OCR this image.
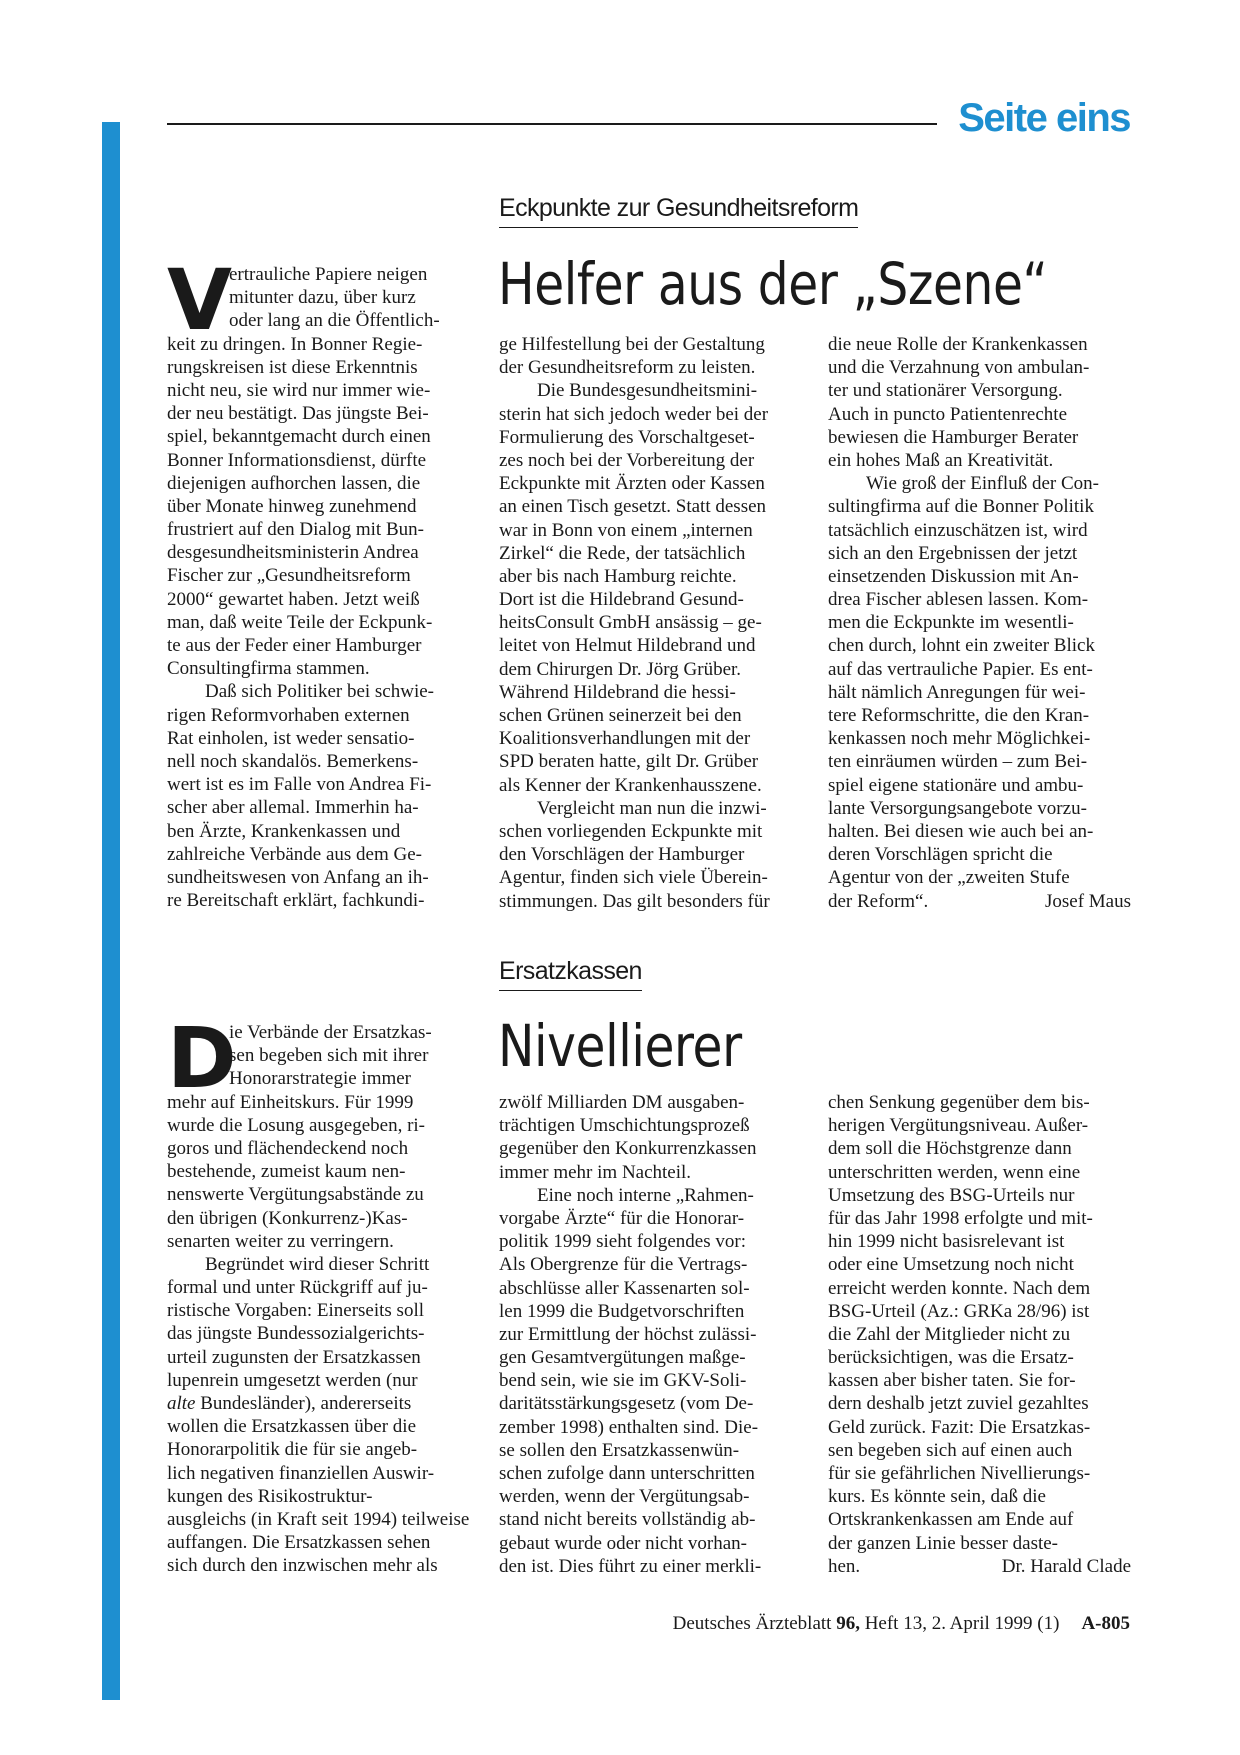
Seite eins

Eckpunkte zur Gesundheitsreform

Helfer aus der „Szene“

V

ertrauliche Papiere neigen
mitunter dazu, über kurz
oder lang an die Öffentlich-
keit zu dringen. In Bonner Regie-
rungskreisen ist diese Erkenntnis
nicht neu, sie wird nur immer wie-
der neu bestätigt. Das jüngste Bei-
spiel, bekanntgemacht durch einen
Bonner Informationsdienst, dürfte
diejenigen aufhorchen lassen, die
über Monate hinweg zunehmend
frustriert auf den Dialog mit Bun-
desgesundheitsministerin Andrea
Fischer zur „Gesundheitsreform
2000“ gewartet haben. Jetzt weiß
man, daß weite Teile der Eckpunk-
te aus der Feder einer Hamburger
Consultingfirma stammen.
Daß sich Politiker bei schwie-
rigen Reformvorhaben externen
Rat einholen, ist weder sensatio-
nell noch skandalös. Bemerkens-
wert ist es im Falle von Andrea Fi-
scher aber allemal. Immerhin ha-
ben Ärzte, Krankenkassen und
zahlreiche Verbände aus dem Ge-
sundheitswesen von Anfang an ih-
re Bereitschaft erklärt, fachkundi-
ge Hilfestellung bei der Gestaltung
der Gesundheitsreform zu leisten.
Die Bundesgesundheitsmini-
sterin hat sich jedoch weder bei der
Formulierung des Vorschaltgeset-
zes noch bei der Vorbereitung der
Eckpunkte mit Ärzten oder Kassen
an einen Tisch gesetzt. Statt dessen
war in Bonn von einem „internen
Zirkel“ die Rede, der tatsächlich
aber bis nach Hamburg reichte.
Dort ist die Hildebrand Gesund-
heitsConsult GmbH ansässig – ge-
leitet von Helmut Hildebrand und
dem Chirurgen Dr. Jörg Grüber.
Während Hildebrand die hessi-
schen Grünen seinerzeit bei den
Koalitionsverhandlungen mit der
SPD beraten hatte, gilt Dr. Grüber
als Kenner der Krankenhausszene.
Vergleicht man nun die inzwi-
schen vorliegenden Eckpunkte mit
den Vorschlägen der Hamburger
Agentur, finden sich viele Überein-
stimmungen. Das gilt besonders für
die neue Rolle der Krankenkassen
und die Verzahnung von ambulan-
ter und stationärer Versorgung.
Auch in puncto Patientenrechte
bewiesen die Hamburger Berater
ein hohes Maß an Kreativität.
Wie groß der Einfluß der Con-
sultingfirma auf die Bonner Politik
tatsächlich einzuschätzen ist, wird
sich an den Ergebnissen der jetzt
einsetzenden Diskussion mit An-
drea Fischer ablesen lassen. Kom-
men die Eckpunkte im wesentli-
chen durch, lohnt ein zweiter Blick
auf das vertrauliche Papier. Es ent-
hält nämlich Anregungen für wei-
tere Reformschritte, die den Kran-
kenkassen noch mehr Möglichkei-
ten einräumen würden – zum Bei-
spiel eigene stationäre und ambu-
lante Versorgungsangebote vorzu-
halten. Bei diesen wie auch bei an-
deren Vorschlägen spricht die
Agentur von der „zweiten Stufe
der Reform“.	Josef Maus

Ersatzkassen

Nivellierer

D

ie Verbände der Ersatzkas-
sen begeben sich mit ihrer
Honorarstrategie immer
mehr auf Einheitskurs. Für 1999
wurde die Losung ausgegeben, ri-
goros und flächendeckend noch
bestehende, zumeist kaum nen-
nenswerte Vergütungsabstände zu
den übrigen (Konkurrenz-)Kas-
senarten weiter zu verringern.
Begründet wird dieser Schritt
formal und unter Rückgriff auf ju-
ristische Vorgaben: Einerseits soll
das jüngste Bundessozialgerichts-
urteil zugunsten der Ersatzkassen
lupenrein umgesetzt werden (nur
alte Bundesländer), andererseits
wollen die Ersatzkassen über die
Honorarpolitik die für sie angeb-
lich negativen finanziellen Auswir-
kungen des Risikostruktur-
ausgleichs (in Kraft seit 1994) teilweise
auffangen. Die Ersatzkassen sehen
sich durch den inzwischen mehr als
zwölf Milliarden DM ausgaben-
trächtigen Umschichtungsprozeß
gegenüber den Konkurrenzkassen
immer mehr im Nachteil.
Eine noch interne „Rahmen-
vorgabe Ärzte“ für die Honorar-
politik 1999 sieht folgendes vor:
Als Obergrenze für die Vertrags-
abschlüsse aller Kassenarten sol-
len 1999 die Budgetvorschriften
zur Ermittlung der höchst zulässi-
gen Gesamtvergütungen maßge-
bend sein, wie sie im GKV-Soli-
daritätsstärkungsgesetz (vom De-
zember 1998) enthalten sind. Die-
se sollen den Ersatzkassenwün-
schen zufolge dann unterschritten
werden, wenn der Vergütungsab-
stand nicht bereits vollständig ab-
gebaut wurde oder nicht vorhan-
den ist. Dies führt zu einer merkli-
chen Senkung gegenüber dem bis-
herigen Vergütungsniveau. Außer-
dem soll die Höchstgrenze dann
unterschritten werden, wenn eine
Umsetzung des BSG-Urteils nur
für das Jahr 1998 erfolgte und mit-
hin 1999 nicht basisrelevant ist
oder eine Umsetzung noch nicht
erreicht werden konnte. Nach dem
BSG-Urteil (Az.: GRKa 28/96) ist
die Zahl der Mitglieder nicht zu
berücksichtigen, was die Ersatz-
kassen aber bisher taten. Sie for-
dern deshalb jetzt zuviel gezahltes
Geld zurück. Fazit: Die Ersatzkas-
sen begeben sich auf einen auch
für sie gefährlichen Nivellierungs-
kurs. Es könnte sein, daß die
Ortskrankenkassen am Ende auf
der ganzen Linie besser daste-
hen.	Dr. Harald Clade

Deutsches Ärzteblatt 96, Heft 13, 2. April 1999 (1) A-805
